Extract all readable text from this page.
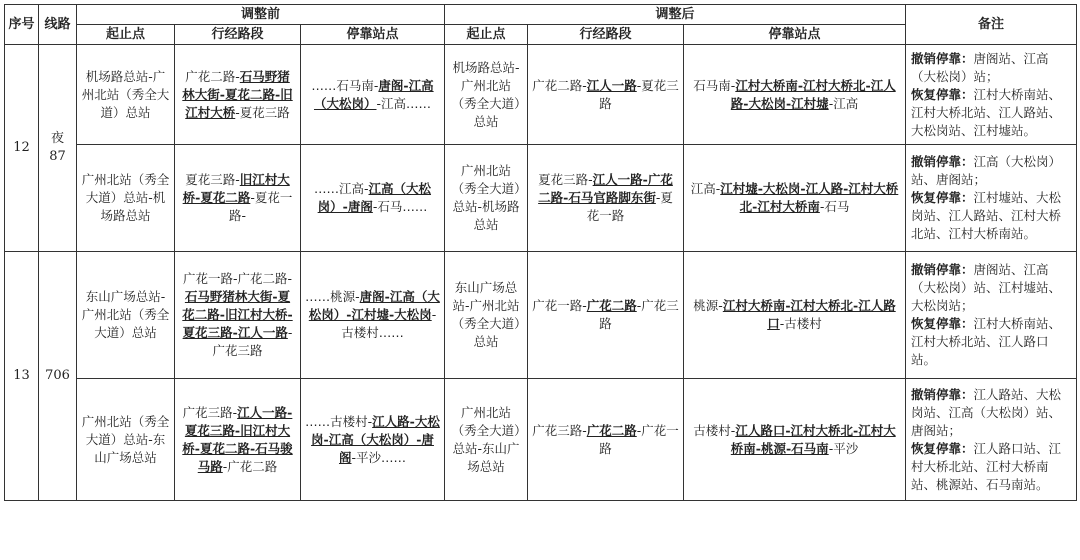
序号	线路	调整前			调整后			备注
		起止点	行经路段	停靠站点	起止点	行经路段	停靠站点	
12	夜87	机场路总站-广州北站（秀全大道）总站	广花二路-石马野猪林大街-夏花二路-旧江村大桥-夏花三路	……石马南-唐阁-江高（大松岗）-江高……	机场路总站-广州北站（秀全大道）总站	广花二路-江人一路-夏花三路	石马南-江村大桥南-江村大桥北-江人路-大松岗-江村墟-江高	撤销停靠：唐阁站、江高（大松岗）站；
恢复停靠：江村大桥南站、江村大桥北站、江人路站、大松岗站、江村墟站。
		广州北站（秀全大道）总站-机场路总站	夏花三路-旧江村大桥-夏花二路-夏花一路-	……江高-江高（大松岗）-唐阁-石马……	广州北站（秀全大道）总站-机场路总站	夏花三路-江人一路-广花二路-石马官路脚东街-夏花一路	江高-江村墟-大松岗-江人路-江村大桥北-江村大桥南-石马	撤销停靠：江高（大松岗）站、唐阁站；
恢复停靠：江村墟站、大松岗站、江人路站、江村大桥北站、江村大桥南站。
13	706	东山广场总站-广州北站（秀全大道）总站	广花一路-广花二路-石马野猪林大街-夏花二路-旧江村大桥-夏花三路-江人一路-广花三路	……桃源-唐阁-江高（大松岗）-江村墟-大松岗-古楼村……	东山广场总站-广州北站（秀全大道）总站	广花一路-广花二路-广花三路	桃源-江村大桥南-江村大桥北-江人路口-古楼村	撤销停靠：唐阁站、江高（大松岗）站、江村墟站、大松岗站；
恢复停靠：江村大桥南站、江村大桥北站、江人路口站。
		广州北站（秀全大道）总站-东山广场总站	广花三路-江人一路-夏花三路-旧江村大桥-夏花二路-石马骏马路-广花二路	……古楼村-江人路-大松岗-江高（大松岗）-唐阁-平沙……	广州北站（秀全大道）总站-东山广场总站	广花三路-广花二路-广花一路	古楼村-江人路口-江村大桥北-江村大桥南-桃源-石马南-平沙	撤销停靠：江人路站、大松岗站、江高（大松岗）站、唐阁站；
恢复停靠：江人路口站、江村大桥北站、江村大桥南站、桃源站、石马南站。
